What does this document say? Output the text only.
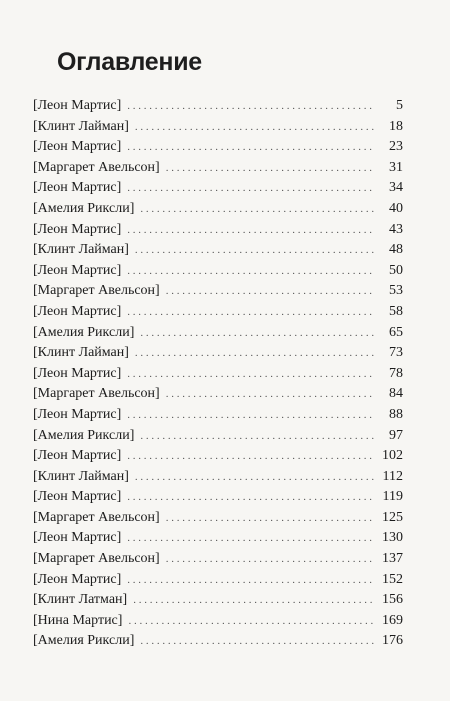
Оглавление
[Леон Мартис] . . .	5
[Клинт Лайман] . . .	18
[Леон Мартис] . . .	23
[Маргарет Авельсон] . . .	31
[Леон Мартис] . . .	34
[Амелия Риксли] . . .	40
[Леон Мартис] . . .	43
[Клинт Лайман] . . .	48
[Леон Мартис] . . .	50
[Маргарет Авельсон] . . .	53
[Леон Мартис] . . .	58
[Амелия Риксли] . . .	65
[Клинт Лайман] . . .	73
[Леон Мартис] . . .	78
[Маргарет Авельсон] . . .	84
[Леон Мартис] . . .	88
[Амелия Риксли] . . .	97
[Леон Мартис] . . .	102
[Клинт Лайман] . . .	112
[Леон Мартис] . . .	119
[Маргарет Авельсон] . . .	125
[Леон Мартис] . . .	130
[Маргарет Авельсон] . . .	137
[Леон Мартис] . . .	152
[Клинт Латман] . . .	156
[Нина Мартис] . . .	169
[Амелия Риксли] . . .	176
